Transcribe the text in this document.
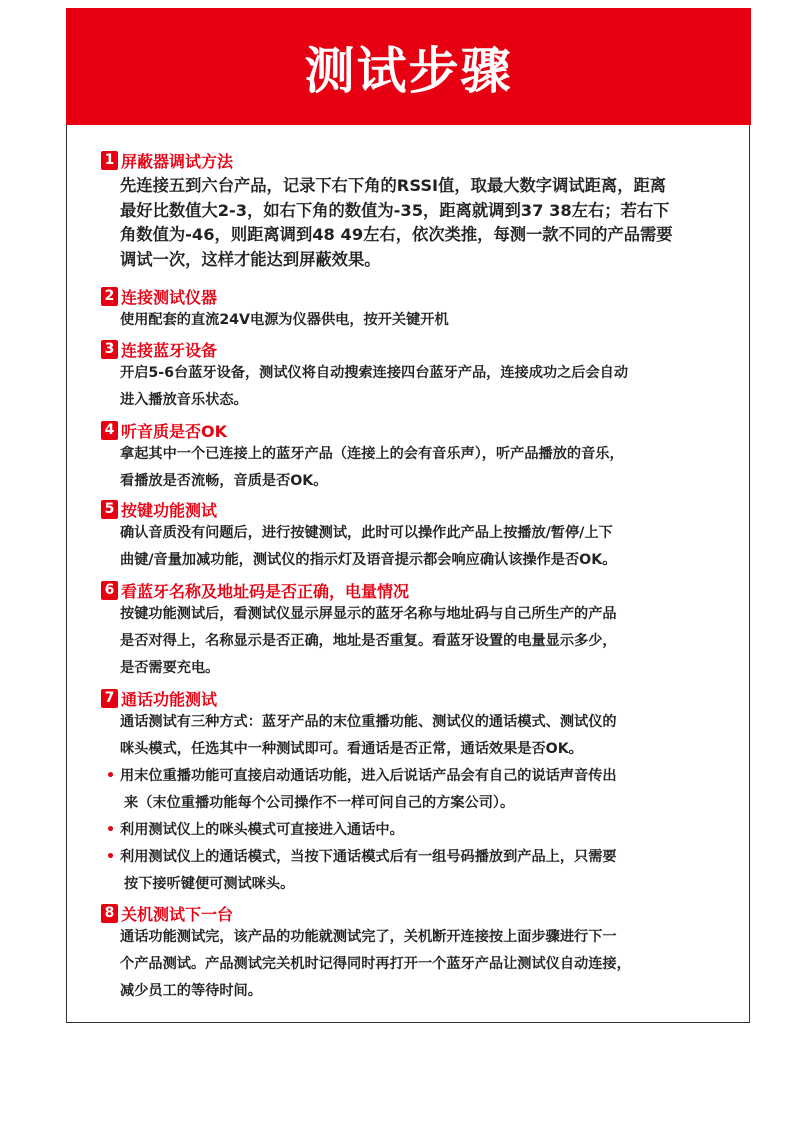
测试步骤
1 屏蔽器调试方法

先连接五到六台产品，记录下右下角的RSSI值，取最大数字调试距离，距离

最好比数值大2-3，如右下角的数值为-35，距离就调到37 38左右；若右下

角数值为-46，则距离调到48 49左右，依次类推，每测一款不同的产品需要

调试一次，这样才能达到屏蔽效果。

2 连接测试仪器

使用配套的直流24V电源为仪器供电，按开关键开机

3 连接蓝牙设备

开启5-6台蓝牙设备，测试仪将自动搜索连接四台蓝牙产品，连接成功之后会自动

进入播放音乐状态。

4 听音质是否OK

拿起其中一个已连接上的蓝牙产品（连接上的会有音乐声），听产品播放的音乐，

看播放是否流畅，音质是否OK。

5 按键功能测试

确认音质没有问题后，进行按键测试，此时可以操作此产品上按播放/暂停/上下

曲键/音量加减功能，测试仪的指示灯及语音提示都会响应确认该操作是否OK。

6 看蓝牙名称及地址码是否正确，电量情况

按键功能测试后，看测试仪显示屏显示的蓝牙名称与地址码与自己所生产的产品

是否对得上，名称显示是否正确，地址是否重复。看蓝牙设置的电量显示多少，

是否需要充电。

7 通话功能测试

通话测试有三种方式：蓝牙产品的末位重播功能、测试仪的通话模式、测试仪的

咪头模式，任选其中一种测试即可。看通话是否正常，通话效果是否OK。

• 用末位重播功能可直接启动通话功能，进入后说话产品会有自己的说话声音传出

来（末位重播功能每个公司操作不一样可问自己的方案公司）。

• 利用测试仪上的咪头模式可直接进入通话中。

• 利用测试仪上的通话模式，当按下通话模式后有一组号码播放到产品上，只需要

按下接听键便可测试咪头。

8 关机测试下一台

通话功能测试完，该产品的功能就测试完了，关机断开连接按上面步骤进行下一

个产品测试。产品测试完关机时记得同时再打开一个蓝牙产品让测试仪自动连接，

减少员工的等待时间。
